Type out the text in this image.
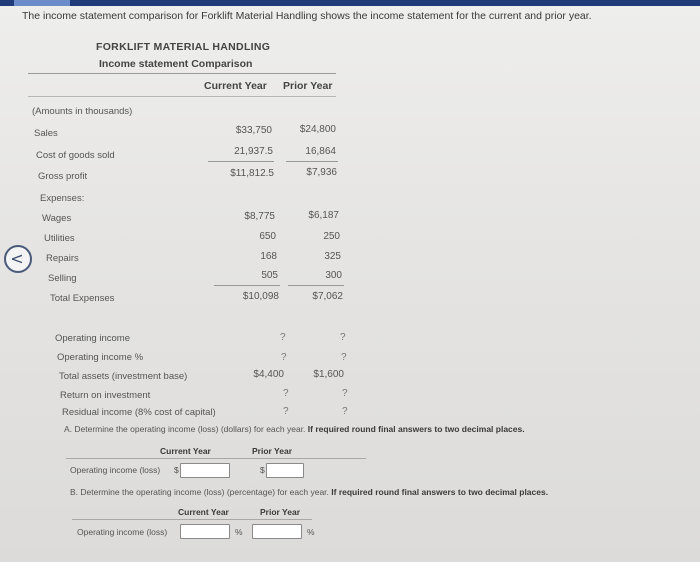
The income statement comparison for Forklift Material Handling shows the income statement for the current and prior year.
FORKLIFT MATERIAL HANDLING
Income statement Comparison
Current Year Prior Year
(Amounts in thousands)
Sales	$33,750	$24,800
Cost of goods sold	21,937.5	16,864
Gross profit	$11,812.5	$7,936
Expenses:
Wages	$8,775	$6,187
Utilities	650	250
Repairs	168	325
Selling	505	300
Total Expenses	$10,098	$7,062
<
Operating income	?	?
Operating income %	?	?
Total assets (investment base)	$4,400	$1,600
Return on investment	?	?
Residual income (8% cost of capital)	?	?
A. Determine the operating income (loss) (dollars) for each year. If required round final answers to two decimal places.
Current Year	Prior Year
Operating income (loss) $	$
B. Determine the operating income (loss) (percentage) for each year. If required round final answers to two decimal places.
Current Year	Prior Year
Operating income (loss)	%	%
